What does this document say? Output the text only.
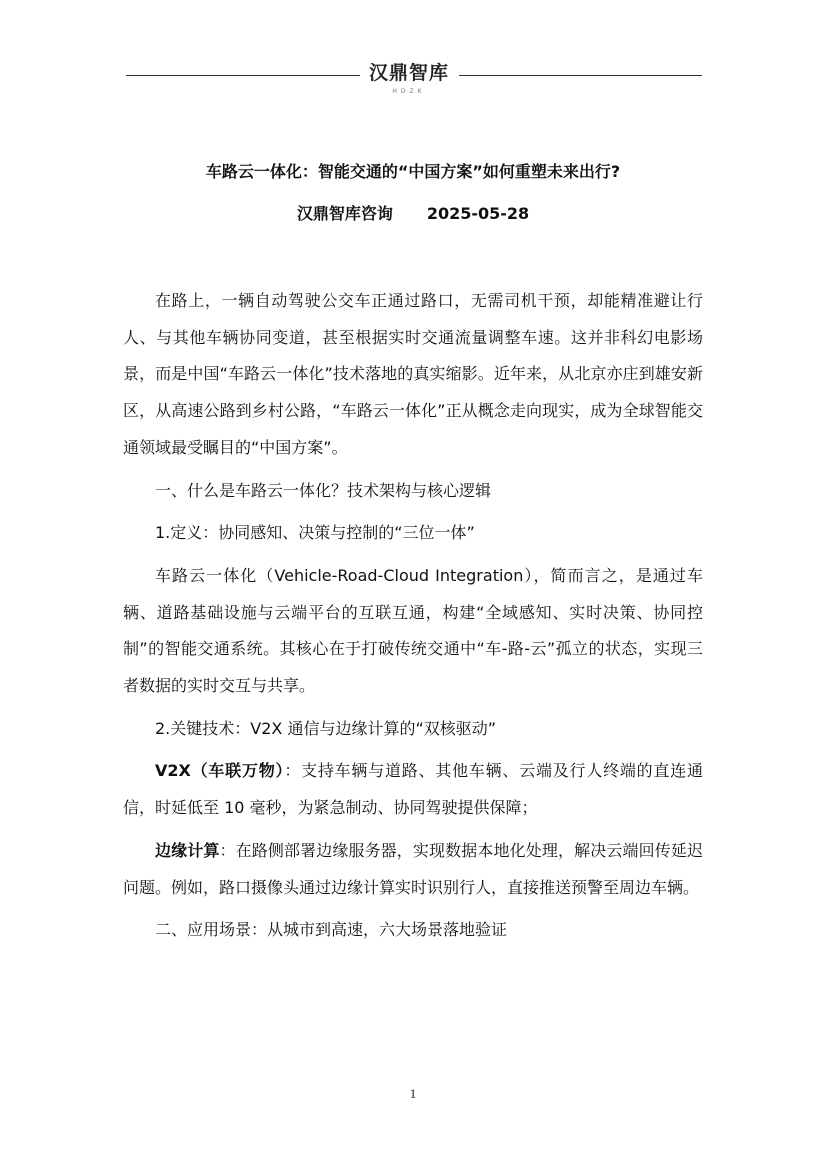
汉鼎智库
HDZK
车路云一体化：智能交通的“中国方案”如何重塑未来出行?
汉鼎智库咨询 2025-05-28

在路上，一辆自动驾驶公交车正通过路口，无需司机干预，却能精准避让行人、与其他车辆协同变道，甚至根据实时交通流量调整车速。这并非科幻电影场景，而是中国“车路云一体化”技术落地的真实缩影。近年来，从北京亦庄到雄安新区，从高速公路到乡村公路，“车路云一体化”正从概念走向现实，成为全球智能交通领域最受瞩目的“中国方案”。

一、什么是车路云一体化？技术架构与核心逻辑

1.定义：协同感知、决策与控制的“三位一体”

车路云一体化（Vehicle-Road-Cloud Integration），简而言之，是通过车辆、道路基础设施与云端平台的互联互通，构建“全域感知、实时决策、协同控制”的智能交通系统。其核心在于打破传统交通中“车-路-云”孤立的状态，实现三者数据的实时交互与共享。

2.关键技术：V2X 通信与边缘计算的“双核驱动”

V2X（车联万物）：支持车辆与道路、其他车辆、云端及行人终端的直连通信，时延低至 10 毫秒，为紧急制动、协同驾驶提供保障；

边缘计算：在路侧部署边缘服务器，实现数据本地化处理，解决云端回传延迟问题。例如，路口摄像头通过边缘计算实时识别行人，直接推送预警至周边车辆。

二、应用场景：从城市到高速，六大场景落地验证

1
